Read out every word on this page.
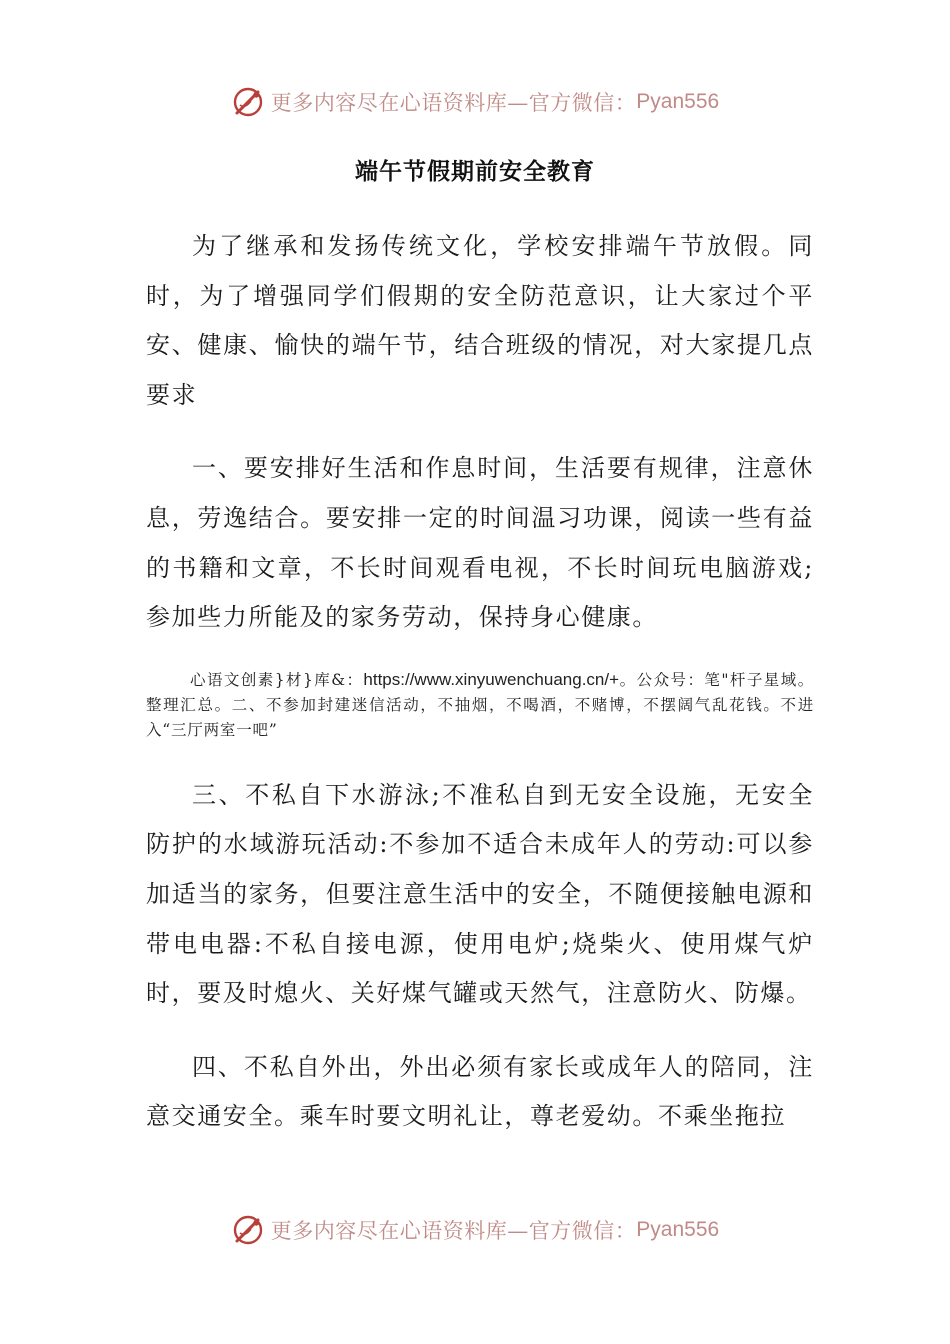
更多内容尽在心语资料库—官方微信： Pyan556
端午节假期前安全教育

为了继承和发扬传统文化，学校安排端午节放假。同时，为了增强同学们假期的安全防范意识，让大家过个平安、健康、愉快的端午节，结合班级的情况，对大家提几点要求

一、要安排好生活和作息时间，生活要有规律，注意休息，劳逸结合。要安排一定的时间温习功课，阅读一些有益的书籍和文章，不长时间观看电视，不长时间玩电脑游戏;参加些力所能及的家务劳动，保持身心健康。

心语文创素}材}库&：https://www.xinyuwenchuang.cn/+。公众号：笔"杆子星域。整理汇总。二、不参加封建迷信活动，不抽烟，不喝酒，不赌博，不摆阔气乱花钱。不进入“三厅两室一吧”

三、不私自下水游泳;不准私自到无安全设施，无安全防护的水域游玩活动:不参加不适合未成年人的劳动:可以参加适当的家务，但要注意生活中的安全，不随便接触电源和带电电器:不私自接电源，使用电炉;烧柴火、使用煤气炉时，要及时熄火、关好煤气罐或天然气，注意防火、防爆。

四、不私自外出，外出必须有家长或成年人的陪同，注意交通安全。乘车时要文明礼让，尊老爱幼。不乘坐拖拉

更多内容尽在心语资料库—官方微信： Pyan556
